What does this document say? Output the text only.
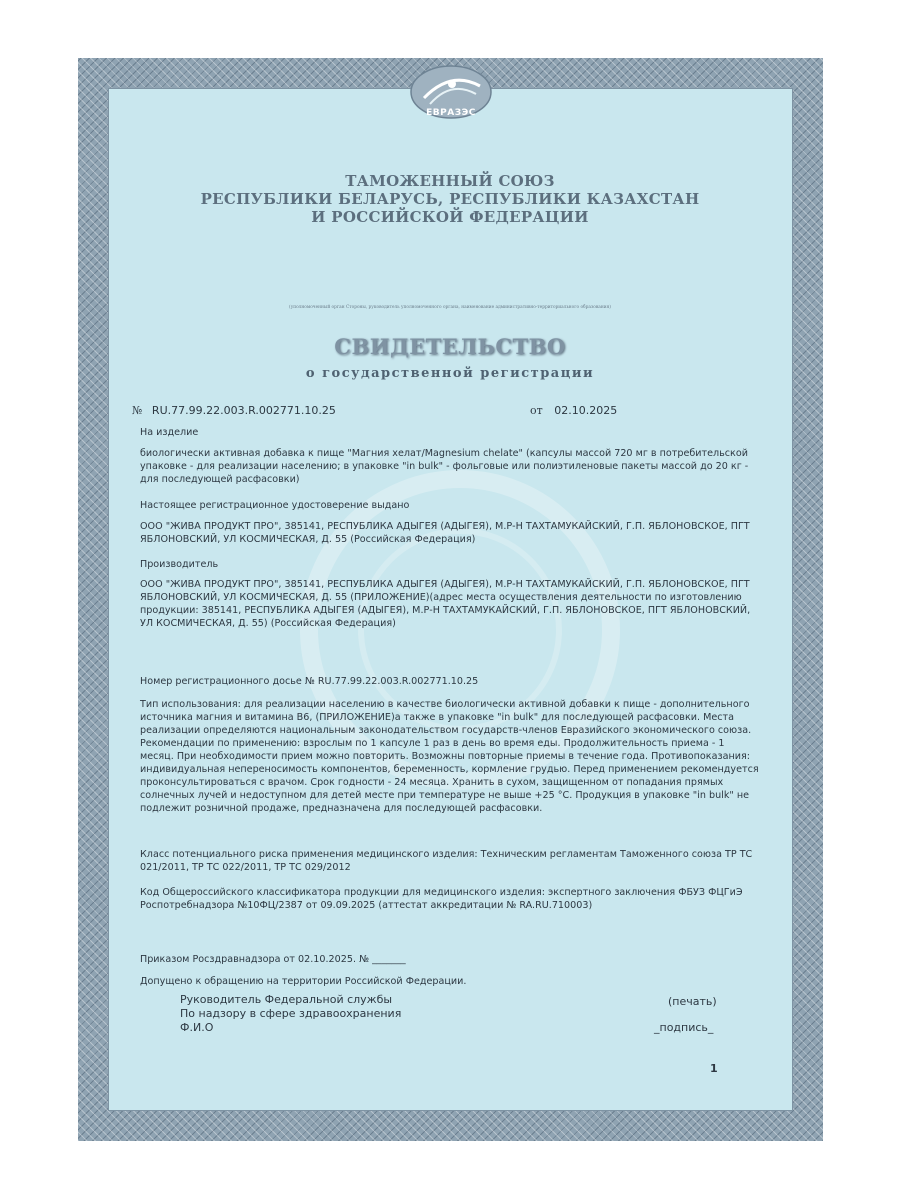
ЕВРАЗЭС
ТАМОЖЕННЫЙ СОЮЗ
РЕСПУБЛИКИ БЕЛАРУСЬ, РЕСПУБЛИКИ КАЗАХСТАН
И РОССИЙСКОЙ ФЕДЕРАЦИИ
(уполномоченный орган Стороны, руководитель уполномоченного органа, наименование административно-территориального образования)
СВИДЕТЕЛЬСТВО
о государственной регистрации
№ RU.77.99.22.003.R.002771.10.25	от 02.10.2025
На изделие
биологически активная добавка к пище "Магния хелат/Magnesium chelate" (капсулы массой 720 мг в потребительской упаковке - для реализации населению; в упаковке "in bulk" - фольговые или полиэтиленовые пакеты массой до 20 кг - для последующей расфасовки)
Настоящее регистрационное удостоверение выдано
ООО "ЖИВА ПРОДУКТ ПРО", 385141, РЕСПУБЛИКА АДЫГЕЯ (АДЫГЕЯ), М.Р-Н ТАХТАМУКАЙСКИЙ, Г.П. ЯБЛОНОВСКОЕ, ПГТ ЯБЛОНОВСКИЙ, УЛ КОСМИЧЕСКАЯ, Д. 55 (Российская Федерация)
Производитель
ООО "ЖИВА ПРОДУКТ ПРО", 385141, РЕСПУБЛИКА АДЫГЕЯ (АДЫГЕЯ), М.Р-Н ТАХТАМУКАЙСКИЙ, Г.П. ЯБЛОНОВСКОЕ, ПГТ ЯБЛОНОВСКИЙ, УЛ КОСМИЧЕСКАЯ, Д. 55 (ПРИЛОЖЕНИЕ)(адрес места осуществления деятельности по изготовлению продукции: 385141, РЕСПУБЛИКА АДЫГЕЯ (АДЫГЕЯ), М.Р-Н ТАХТАМУКАЙСКИЙ, Г.П. ЯБЛОНОВСКОЕ, ПГТ ЯБЛОНОВСКИЙ, УЛ КОСМИЧЕСКАЯ, Д. 55) (Российская Федерация)
Номер регистрационного досье № RU.77.99.22.003.R.002771.10.25
Тип использования: для реализации населению в качестве биологически активной добавки к пище - дополнительного источника магния и витамина В6, (ПРИЛОЖЕНИЕ)а также в упаковке "in bulk" для последующей расфасовки. Места реализации определяются национальным законодательством государств-членов Евразийского экономического союза. Рекомендации по применению: взрослым по 1 капсуле 1 раз в день во время еды. Продолжительность приема - 1 месяц. При необходимости прием можно повторить. Возможны повторные приемы в течение года. Противопоказания: индивидуальная непереносимость компонентов, беременность, кормление грудью. Перед применением рекомендуется проконсультироваться с врачом. Срок годности - 24 месяца. Хранить в сухом, защищенном от попадания прямых солнечных лучей и недоступном для детей месте при температуре не выше +25 °С. Продукция в упаковке "in bulk" не подлежит розничной продаже, предназначена для последующей расфасовки.
Класс потенциального риска применения медицинского изделия: Техническим регламентам Таможенного союза ТР ТС 021/2011, ТР ТС 022/2011, ТР ТС 029/2012
Код Общероссийского классификатора продукции для медицинского изделия: экспертного заключения ФБУЗ ФЦГиЭ Роспотребнадзора №10ФЦ/2387 от 09.09.2025 (аттестат аккредитации № RA.RU.710003)
Приказом Росздравнадзора от 02.10.2025. № _______
Допущено к обращению на территории Российской Федерации.
Руководитель Федеральной службы
По надзору в сфере здравоохранения
Ф.И.О
(печать)
_подпись_
1
